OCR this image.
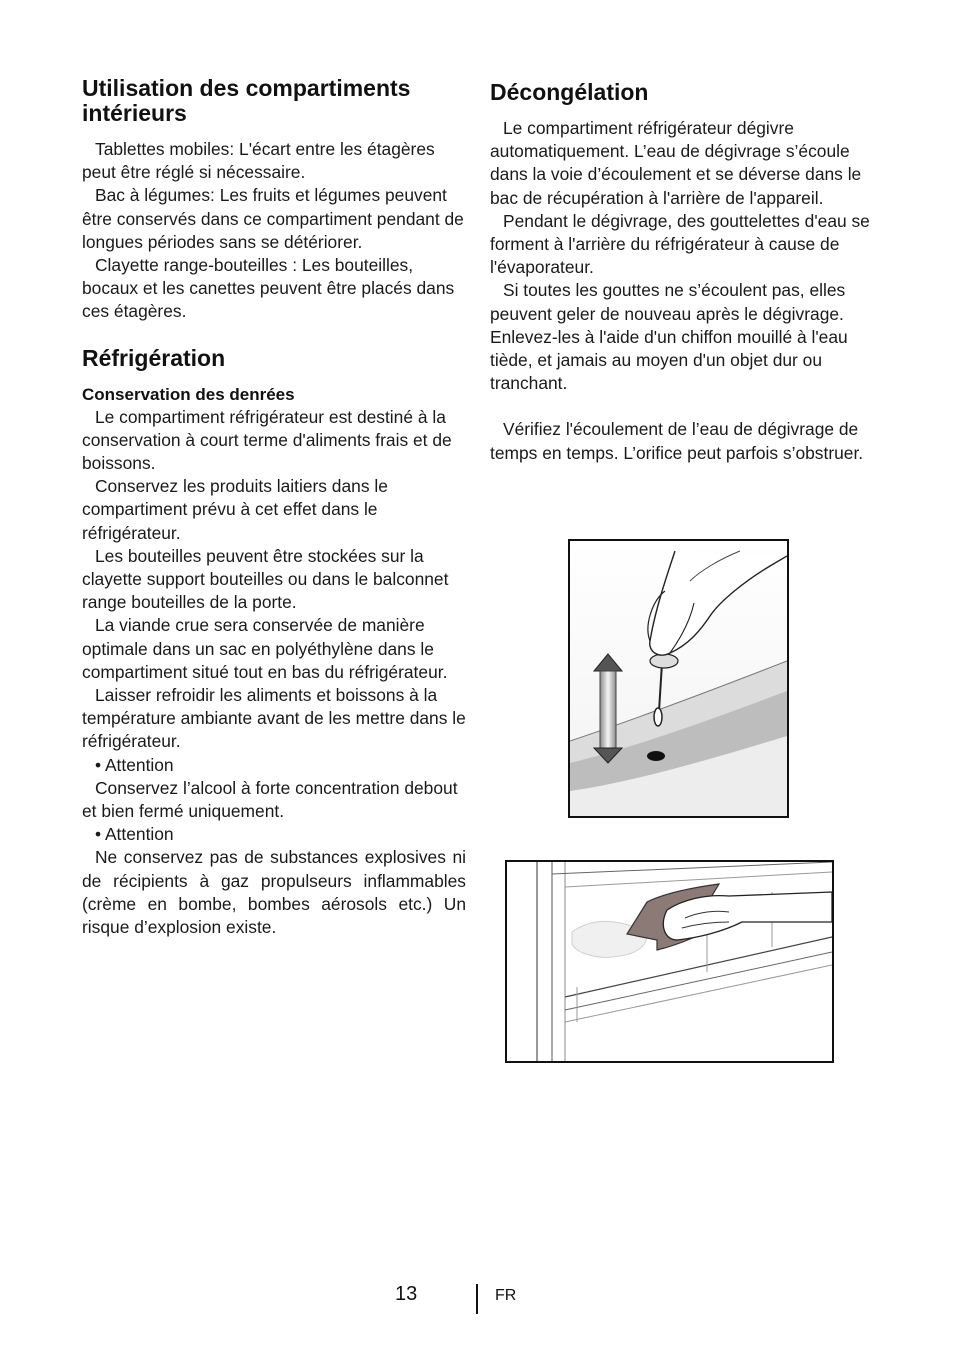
Utilisation des compartiments intérieurs

Tablettes mobiles: L'écart entre les étagères peut être réglé si nécessaire.

Bac à légumes: Les fruits et légumes peuvent être conservés dans ce compartiment pendant de longues périodes sans se détériorer.

Clayette range-bouteilles : Les bouteilles, bocaux et les canettes peuvent être placés dans ces étagères.

Réfrigération
Conservation des denrées

Le compartiment réfrigérateur est destiné à la conservation à court terme d'aliments frais et de boissons.

Conservez les produits laitiers dans le compartiment prévu à cet effet dans le réfrigérateur.

Les bouteilles peuvent être stockées sur la clayette support bouteilles ou dans le balconnet range bouteilles de la porte.

La viande crue sera conservée de manière optimale dans un sac en polyéthylène dans le compartiment situé tout en bas du réfrigérateur.

Laisser refroidir les aliments et boissons à la température ambiante avant de les mettre dans le réfrigérateur.

• Attention

Conservez l’alcool à forte concentration debout et bien fermé uniquement.

• Attention

Ne conservez pas de substances explosives ni de récipients à gaz propulseurs inflammables (crème en bombe, bombes aérosols etc.) Un risque d’explosion existe.

Décongélation

Le compartiment réfrigérateur dégivre automatiquement. L’eau de dégivrage s’écoule dans la voie d’écoulement et se déverse dans le bac de récupération à l'arrière de l'appareil.

Pendant le dégivrage, des gouttelettes d'eau se forment à l'arrière du réfrigérateur à cause de l'évaporateur.

Si toutes les gouttes ne s’écoulent pas, elles peuvent geler de nouveau après le dégivrage. Enlevez-les à l'aide d'un chiffon mouillé à l'eau tiède, et jamais au moyen d'un objet dur ou tranchant.

Vérifiez l'écoulement de l’eau de dégivrage de temps en temps. L’orifice peut parfois s’obstruer.

13	FR
